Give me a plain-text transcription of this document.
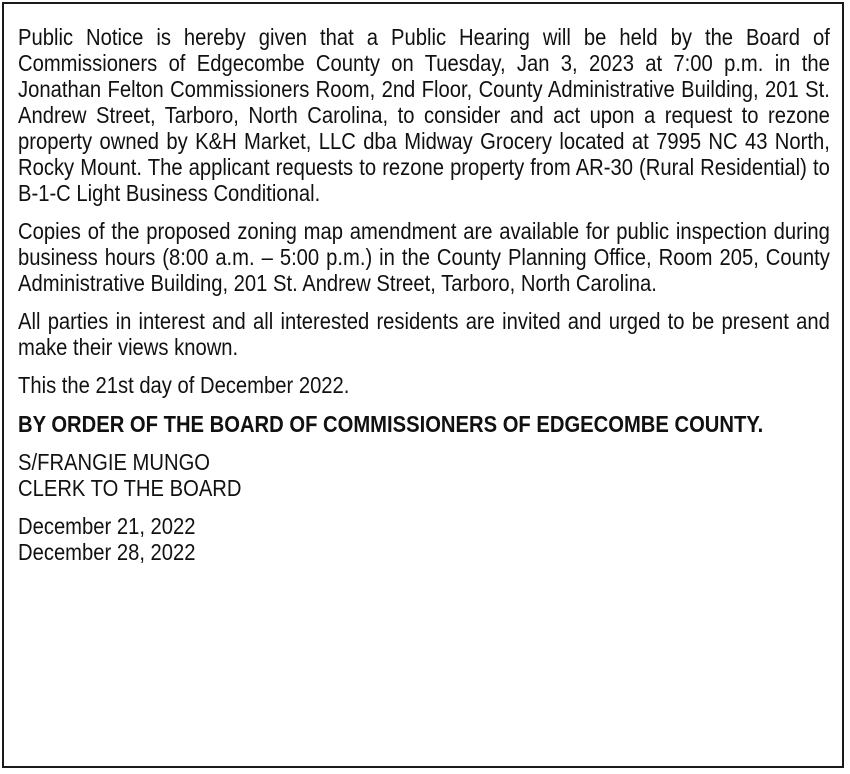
Public Notice is hereby given that a Public Hearing will be held by the Board of Commissioners of Edgecombe County on Tuesday, Jan 3, 2023 at 7:00 p.m. in the Jonathan Felton Commissioners Room, 2nd Floor, County Administrative Building, 201 St. Andrew Street, Tarboro, North Carolina, to consider and act upon a request to rezone property owned by K&H Market, LLC dba Midway Grocery located at 7995 NC 43 North, Rocky Mount. The applicant requests to rezone property from AR-30 (Rural Residential) to B-1-C Light Business Conditional.

Copies of the proposed zoning map amendment are available for public inspection during business hours (8:00 a.m. – 5:00 p.m.) in the County Planning Office, Room 205, County Administrative Building, 201 St. Andrew Street, Tarboro, North Carolina.

All parties in interest and all interested residents are invited and urged to be present and make their views known.

This the 21st day of December 2022.

BY ORDER OF THE BOARD OF COMMISSIONERS OF EDGECOMBE COUNTY.

S/FRANGIE MUNGO
CLERK TO THE BOARD
December 21, 2022
December 28, 2022
